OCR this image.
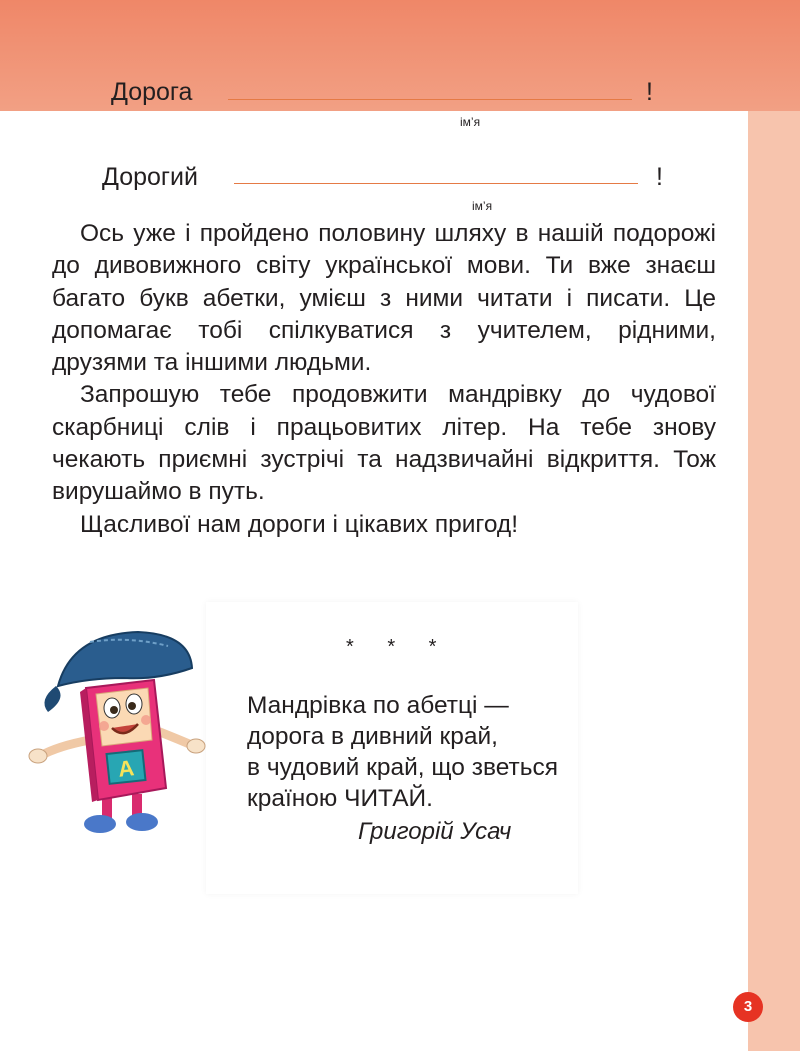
Дорога	!
ім’я
Дорогий	!
ім’я

Ось уже і пройдено половину шляху в нашій подорожі до дивовижного світу української мови. Ти вже знаєш багато букв абетки, умієш з ними читати і писати. Це допомагає тобі спілкуватися з учителем, рідними, друзями та іншими людьми.

Запрошую тебе продовжити мандрівку до чудової скарбниці слів і працьовитих літер. На тебе знову чекають приємні зустрічі та надзвичайні відкриття. Тож вирушаймо в путь.

Щасливої нам дороги і цікавих пригод!

* * *
Мандрівка по абетці —
дорога в дивний край,
в чудовий край, що зветься
країною ЧИТАЙ.
Григорій Усач
А
3
